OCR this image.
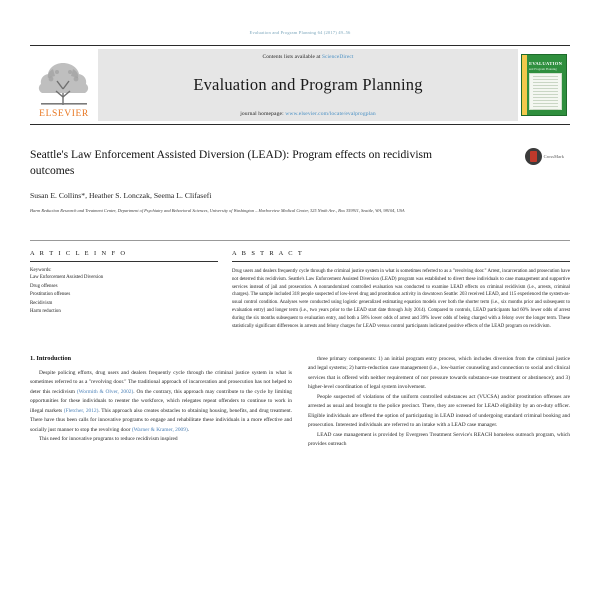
Evaluation and Program Planning 64 (2017) 49–56
ELSEVIER
Contents lists available at ScienceDirect
Evaluation and Program Planning
journal homepage: www.elsevier.com/locate/evalprogplan
EVALUATION
and Program Planning
Seattle's Law Enforcement Assisted Diversion (LEAD): Program effects on recidivism outcomes
CrossMark
Susan E. Collins*, Heather S. Lonczak, Seema L. Clifasefi
Harm Reduction Research and Treatment Center, Department of Psychiatry and Behavioral Sciences, University of Washington – Harborview Medical Center, 325 Ninth Ave., Box 359911, Seattle, WA, 98104, USA
A R T I C L E I N F O
Keywords:
Law Enforcement Assisted Diversion
Drug offenses
Prostitution offenses
Recidivism
Harm reduction
A B S T R A C T
Drug users and dealers frequently cycle through the criminal justice system in what is sometimes referred to as a "revolving door." Arrest, incarceration and prosecution have not deterred this recidivism. Seattle's Law Enforcement Assisted Diversion (LEAD) program was established to divert these individuals to case management and supportive services instead of jail and prosecution. A nonrandomized controlled evaluation was conducted to examine LEAD effects on criminal recidivism (i.e., arrests, criminal charges). The sample included 318 people suspected of low-level drug and prostitution activity in downtown Seattle: 203 received LEAD, and 115 experienced the system-as-usual control condition. Analyses were conducted using logistic generalized estimating equation models over both the shorter term (i.e., six months prior and subsequent to evaluation entry) and longer term (i.e., two years prior to the LEAD start date through July 2014). Compared to controls, LEAD participants had 60% lower odds of arrest during the six months subsequent to evaluation entry, and both a 58% lower odds of arrest and 39% lower odds of being charged with a felony over the longer term. These statistically significant differences in arrests and felony charges for LEAD versus control participants indicated positive effects of the LEAD program on recidivism.
1. Introduction

Despite policing efforts, drug users and dealers frequently cycle through the criminal justice system in what is sometimes referred to as a "revolving door." The traditional approach of incarceration and prosecution has not helped to deter this recidivism (Wormith & Olver, 2002). On the contrary, this approach may contribute to the cycle by limiting opportunities for these individuals to reenter the workforce, which relegates repeat offenders to continue to work in illegal markets (Fletcher, 2012). This approach also creates obstacles to obtaining housing, benefits, and drug treatment. There have thus been calls for innovative programs to engage and rehabilitate these individuals in a more effective and socially just manner to stop the revolving door (Warner & Kramer, 2009).

This need for innovative programs to reduce recidivism inspired

three primary components: 1) an initial program entry process, which includes diversion from the criminal justice and legal systems; 2) harm-reduction case management (i.e., low-barrier counseling and connection to social and clinical services that is offered with neither requirement of nor pressure towards substance-use treatment or abstinence); and 3) higher-level coordination of legal system involvement.

People suspected of violations of the uniform controlled substances act (VUCSA) and/or prostitution offenses are arrested as usual and brought to the police precinct. There, they are screened for LEAD eligibility by an on-duty officer. Eligible individuals are offered the option of participating in LEAD instead of undergoing standard criminal booking and prosecution. Interested individuals are referred to an intake with a LEAD case manager.

LEAD case management is provided by Evergreen Treatment Service's REACH homeless outreach program, which provides outreach
